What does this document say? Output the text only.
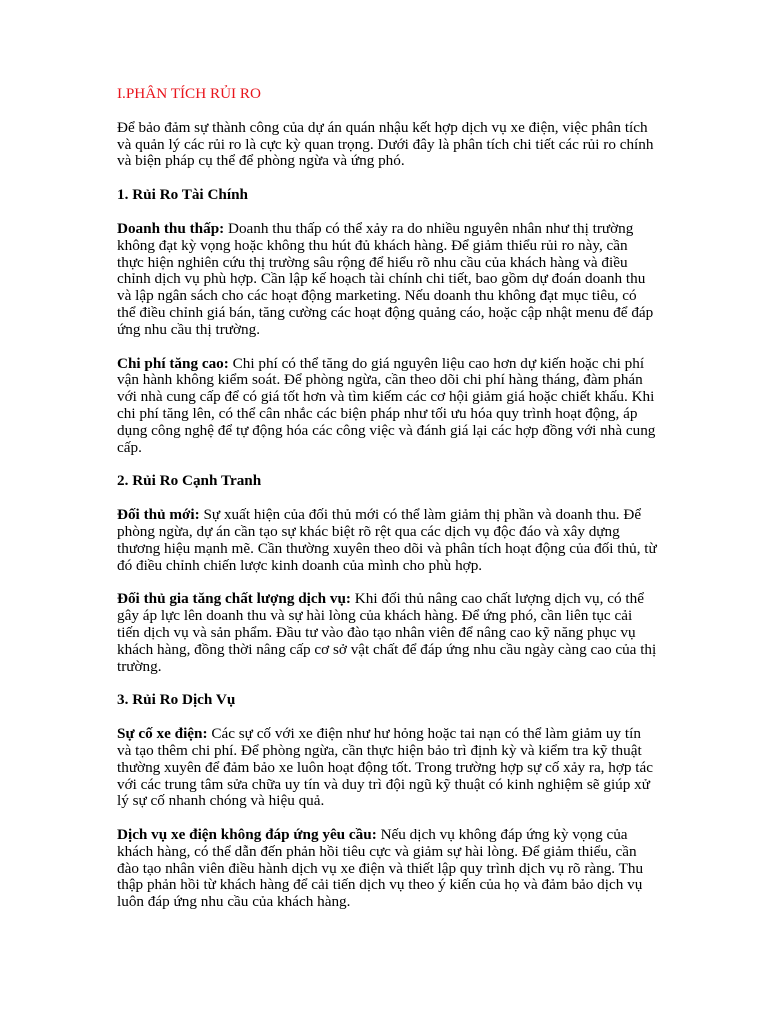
I.PHÂN TÍCH RỦI RO

Để bảo đảm sự thành công của dự án quán nhậu kết hợp dịch vụ xe điện, việc phân tích và quản lý các rủi ro là cực kỳ quan trọng. Dưới đây là phân tích chi tiết các rủi ro chính và biện pháp cụ thể để phòng ngừa và ứng phó.

1. Rủi Ro Tài Chính

Doanh thu thấp: Doanh thu thấp có thể xảy ra do nhiều nguyên nhân như thị trường không đạt kỳ vọng hoặc không thu hút đủ khách hàng. Để giảm thiểu rủi ro này, cần thực hiện nghiên cứu thị trường sâu rộng để hiểu rõ nhu cầu của khách hàng và điều chỉnh dịch vụ phù hợp. Cần lập kế hoạch tài chính chi tiết, bao gồm dự đoán doanh thu và lập ngân sách cho các hoạt động marketing. Nếu doanh thu không đạt mục tiêu, có thể điều chỉnh giá bán, tăng cường các hoạt động quảng cáo, hoặc cập nhật menu để đáp ứng nhu cầu thị trường.

Chi phí tăng cao: Chi phí có thể tăng do giá nguyên liệu cao hơn dự kiến hoặc chi phí vận hành không kiểm soát. Để phòng ngừa, cần theo dõi chi phí hàng tháng, đàm phán với nhà cung cấp để có giá tốt hơn và tìm kiếm các cơ hội giảm giá hoặc chiết khấu. Khi chi phí tăng lên, có thể cân nhắc các biện pháp như tối ưu hóa quy trình hoạt động, áp dụng công nghệ để tự động hóa các công việc và đánh giá lại các hợp đồng với nhà cung cấp.

2. Rủi Ro Cạnh Tranh

Đối thủ mới: Sự xuất hiện của đối thủ mới có thể làm giảm thị phần và doanh thu. Để phòng ngừa, dự án cần tạo sự khác biệt rõ rệt qua các dịch vụ độc đáo và xây dựng thương hiệu mạnh mẽ. Cần thường xuyên theo dõi và phân tích hoạt động của đối thủ, từ đó điều chỉnh chiến lược kinh doanh của mình cho phù hợp.

Đối thủ gia tăng chất lượng dịch vụ: Khi đối thủ nâng cao chất lượng dịch vụ, có thể gây áp lực lên doanh thu và sự hài lòng của khách hàng. Để ứng phó, cần liên tục cải tiến dịch vụ và sản phẩm. Đầu tư vào đào tạo nhân viên để nâng cao kỹ năng phục vụ khách hàng, đồng thời nâng cấp cơ sở vật chất để đáp ứng nhu cầu ngày càng cao của thị trường.

3. Rủi Ro Dịch Vụ

Sự cố xe điện: Các sự cố với xe điện như hư hỏng hoặc tai nạn có thể làm giảm uy tín và tạo thêm chi phí. Để phòng ngừa, cần thực hiện bảo trì định kỳ và kiểm tra kỹ thuật thường xuyên để đảm bảo xe luôn hoạt động tốt. Trong trường hợp sự cố xảy ra, hợp tác với các trung tâm sửa chữa uy tín và duy trì đội ngũ kỹ thuật có kinh nghiệm sẽ giúp xử lý sự cố nhanh chóng và hiệu quả.

Dịch vụ xe điện không đáp ứng yêu cầu: Nếu dịch vụ không đáp ứng kỳ vọng của khách hàng, có thể dẫn đến phản hồi tiêu cực và giảm sự hài lòng. Để giảm thiểu, cần đào tạo nhân viên điều hành dịch vụ xe điện và thiết lập quy trình dịch vụ rõ ràng. Thu thập phản hồi từ khách hàng để cải tiến dịch vụ theo ý kiến của họ và đảm bảo dịch vụ luôn đáp ứng nhu cầu của khách hàng.
